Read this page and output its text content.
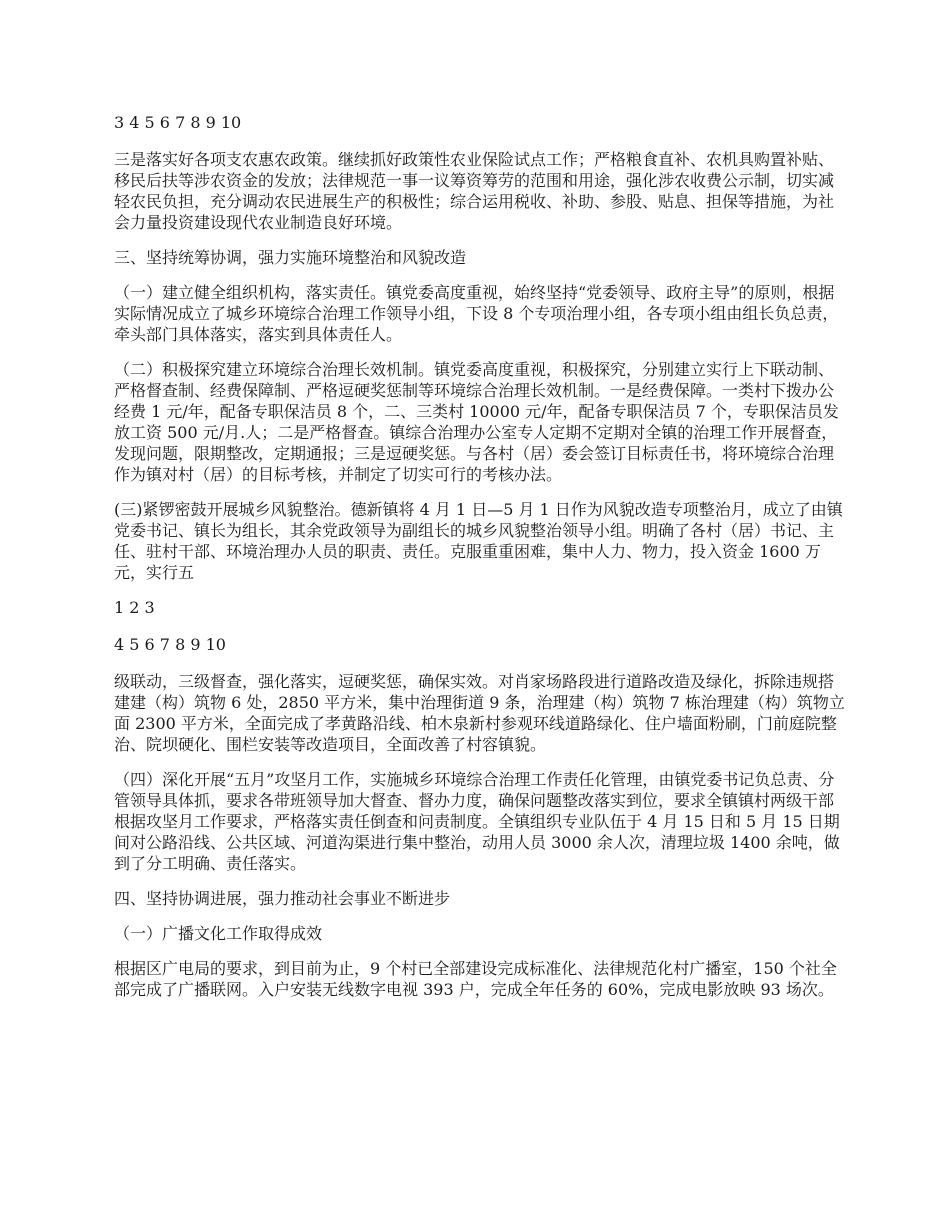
3 4 5 6 7 8 9 10

三是落实好各项支农惠农政策。继续抓好政策性农业保险试点工作；严格粮食直补、农机具购置补贴、移民后扶等涉农资金的发放；法律规范一事一议筹资筹劳的范围和用途，强化涉农收费公示制，切实减轻农民负担，充分调动农民进展生产的积极性；综合运用税收、补助、参股、贴息、担保等措施，为社会力量投资建设现代农业制造良好环境。

三、坚持统筹协调，强力实施环境整治和风貌改造

（一）建立健全组织机构，落实责任。镇党委高度重视，始终坚持“党委领导、政府主导”的原则，根据实际情况成立了城乡环境综合治理工作领导小组，下设 8 个专项治理小组，各专项小组由组长负总责，牵头部门具体落实，落实到具体责任人。

（二）积极探究建立环境综合治理长效机制。镇党委高度重视，积极探究，分别建立实行上下联动制、严格督查制、经费保障制、严格逗硬奖惩制等环境综合治理长效机制。一是经费保障。一类村下拨办公经费 1 元/年，配备专职保洁员 8 个，二、三类村 10000 元/年，配备专职保洁员 7 个，专职保洁员发放工资 500 元/月.人；二是严格督查。镇综合治理办公室专人定期不定期对全镇的治理工作开展督查，发现问题，限期整改，定期通报；三是逗硬奖惩。与各村（居）委会签订目标责任书，将环境综合治理作为镇对村（居）的目标考核，并制定了切实可行的考核办法。

(三)紧锣密鼓开展城乡风貌整治。德新镇将 4 月 1 日—5 月 1 日作为风貌改造专项整治月，成立了由镇党委书记、镇长为组长，其余党政领导为副组长的城乡风貌整治领导小组。明确了各村（居）书记、主任、驻村干部、环境治理办人员的职责、责任。克服重重困难，集中人力、物力，投入资金 1600 万元，实行五

1 2 3

4 5 6 7 8 9 10

级联动，三级督查，强化落实，逗硬奖惩，确保实效。对肖家场路段进行道路改造及绿化，拆除违规搭建建（构）筑物 6 处，2850 平方米，集中治理街道 9 条，治理建（构）筑物 7 栋治理建（构）筑物立面 2300 平方米，全面完成了孝黄路沿线、柏木泉新村参观环线道路绿化、住户墙面粉刷，门前庭院整治、院坝硬化、围栏安装等改造项目，全面改善了村容镇貌。

（四）深化开展“五月”攻坚月工作，实施城乡环境综合治理工作责任化管理，由镇党委书记负总责、分管领导具体抓，要求各带班领导加大督查、督办力度，确保问题整改落实到位，要求全镇镇村两级干部根据攻坚月工作要求，严格落实责任倒查和问责制度。全镇组织专业队伍于 4 月 15 日和 5 月 15 日期间对公路沿线、公共区域、河道沟渠进行集中整治，动用人员 3000 余人次，清理垃圾 1400 余吨，做到了分工明确、责任落实。

四、坚持协调进展，强力推动社会事业不断进步

（一）广播文化工作取得成效

根据区广电局的要求，到目前为止，9 个村已全部建设完成标准化、法律规范化村广播室，150 个社全部完成了广播联网。入户安装无线数字电视 393 户，完成全年任务的 60%，完成电影放映 93 场次。
